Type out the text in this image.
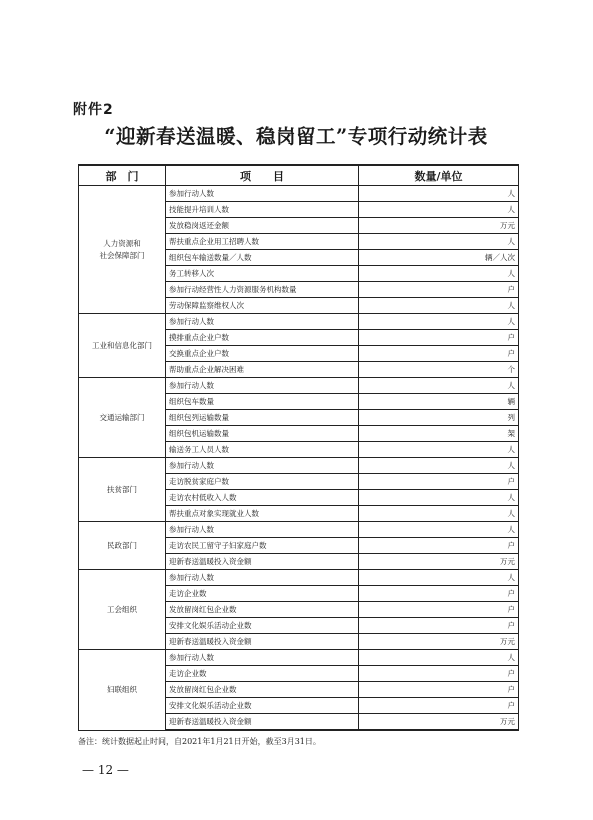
附件2
“迎新春送温暖、稳岗留工”专项行动统计表
部　门	项　　目	数量/单位
人力资源和
社会保障部门	参加行动人数	人
	技能提升培训人数	人
	发放稳岗返还金额	万元
	帮扶重点企业用工招聘人数	人
	组织包车输送数量／人数	辆／人次
	务工转移人次	人
	参加行动经营性人力资源服务机构数量	户
	劳动保障监察维权人次	人
工业和信息化部门	参加行动人数	人
	摸排重点企业户数	户
	交换重点企业户数	户
	帮助重点企业解决困难	个
交通运输部门	参加行动人数	人
	组织包车数量	辆
	组织包列运输数量	列
	组织包机运输数量	架
	输送务工人员人数	人
扶贫部门	参加行动人数	人
	走访脱贫家庭户数	户
	走访农村低收入人数	人
	帮扶重点对象实现就业人数	人
民政部门	参加行动人数	人
	走访农民工留守子妇家庭户数	户
	迎新春送温暖投入资金额	万元
工会组织	参加行动人数	人
	走访企业数	户
	发放留岗红包企业数	户
	安排文化娱乐活动企业数	户
	迎新春送温暖投入资金额	万元
妇联组织	参加行动人数	人
	走访企业数	户
	发放留岗红包企业数	户
	安排文化娱乐活动企业数	户
	迎新春送温暖投入资金额	万元
备注：统计数据起止时间，自2021年1月21日开始，截至3月31日。
— 12 —
